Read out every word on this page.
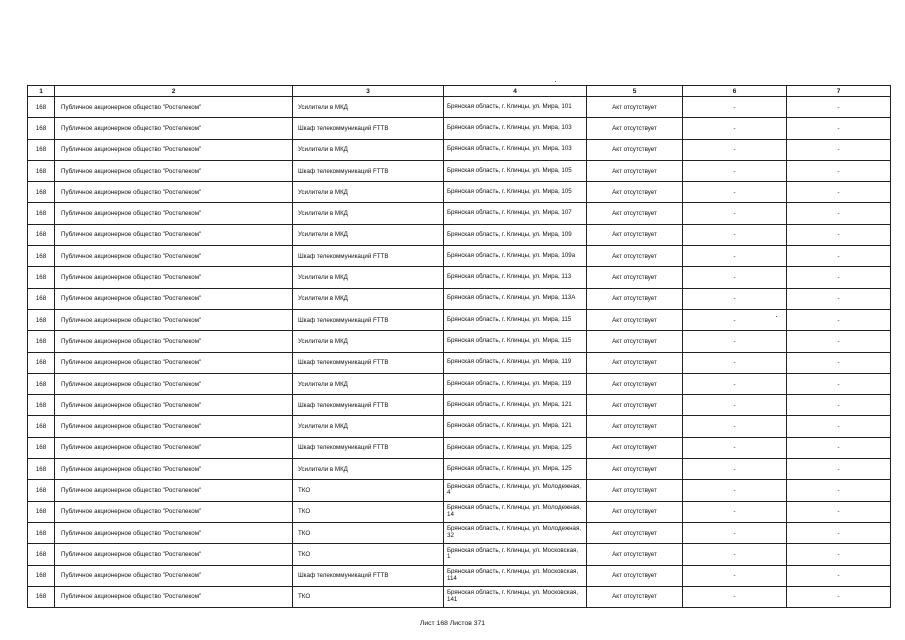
1	2	3	4	5	6	7
168	Публичное акционерное общество "Ростелеком"	Усилители в МКД	Брянская область, г. Клинцы, ул. Мира, 101	Акт отсутствует	-	-
168	Публичное акционерное общество "Ростелеком"	Шкаф телекоммуникаций FTTB	Брянская область, г. Клинцы, ул. Мира, 103	Акт отсутствует	-	-
168	Публичное акционерное общество "Ростелеком"	Усилители в МКД	Брянская область, г. Клинцы, ул. Мира, 103	Акт отсутствует	-	-
168	Публичное акционерное общество "Ростелеком"	Шкаф телекоммуникаций FTTB	Брянская область, г. Клинцы, ул. Мира, 105	Акт отсутствует	-	-
168	Публичное акционерное общество "Ростелеком"	Усилители в МКД	Брянская область, г. Клинцы, ул. Мира, 105	Акт отсутствует	-	-
168	Публичное акционерное общество "Ростелеком"	Усилители в МКД	Брянская область, г. Клинцы, ул. Мира, 107	Акт отсутствует	-	-
168	Публичное акционерное общество "Ростелеком"	Усилители в МКД	Брянская область, г. Клинцы, ул. Мира, 109	Акт отсутствует	-	-
168	Публичное акционерное общество "Ростелеком"	Шкаф телекоммуникаций FTTB	Брянская область, г. Клинцы, ул. Мира, 109а	Акт отсутствует	-	-
168	Публичное акционерное общество "Ростелеком"	Усилители в МКД	Брянская область, г. Клинцы, ул. Мира, 113	Акт отсутствует	-	-
168	Публичное акционерное общество "Ростелеком"	Усилители в МКД	Брянская область, г. Клинцы, ул. Мира, 113А	Акт отсутствует	-	-
168	Публичное акционерное общество "Ростелеком"	Шкаф телекоммуникаций FTTB	Брянская область, г. Клинцы, ул. Мира, 115	Акт отсутствует	-	-
168	Публичное акционерное общество "Ростелеком"	Усилители в МКД	Брянская область, г. Клинцы, ул. Мира, 115	Акт отсутствует	-	-
168	Публичное акционерное общество "Ростелеком"	Шкаф телекоммуникаций FTTB	Брянская область, г. Клинцы, ул. Мира, 119	Акт отсутствует	-	-
168	Публичное акционерное общество "Ростелеком"	Усилители в МКД	Брянская область, г. Клинцы, ул. Мира, 119	Акт отсутствует	-	-
168	Публичное акционерное общество "Ростелеком"	Шкаф телекоммуникаций FTTB	Брянская область, г. Клинцы, ул. Мира, 121	Акт отсутствует	-	-
168	Публичное акционерное общество "Ростелеком"	Усилители в МКД	Брянская область, г. Клинцы, ул. Мира, 121	Акт отсутствует	-	-
168	Публичное акционерное общество "Ростелеком"	Шкаф телекоммуникаций FTTB	Брянская область, г. Клинцы, ул. Мира, 125	Акт отсутствует	-	-
168	Публичное акционерное общество "Ростелеком"	Усилители в МКД	Брянская область, г. Клинцы, ул. Мира, 125	Акт отсутствует	-	-
168	Публичное акционерное общество "Ростелеком"	ТКО	Брянская область, г. Клинцы, ул. Молодежная, 4	Акт отсутствует	-	-
168	Публичное акционерное общество "Ростелеком"	ТКО	Брянская область, г. Клинцы, ул. Молодежная, 14	Акт отсутствует	-	-
168	Публичное акционерное общество "Ростелеком"	ТКО	Брянская область, г. Клинцы, ул. Молодежная, 32	Акт отсутствует	-	-
168	Публичное акционерное общество "Ростелеком"	ТКО	Брянская область, г. Клинцы, ул. Московская, 1	Акт отсутствует	-	-
168	Публичное акционерное общество "Ростелеком"	Шкаф телекоммуникаций FTTB	Брянская область, г. Клинцы, ул. Московская, 114	Акт отсутствует	-	-
168	Публичное акционерное общество "Ростелеком"	ТКО	Брянская область, г. Клинцы, ул. Московская, 141	Акт отсутствует	-	-
Лист 168 Листов 371
